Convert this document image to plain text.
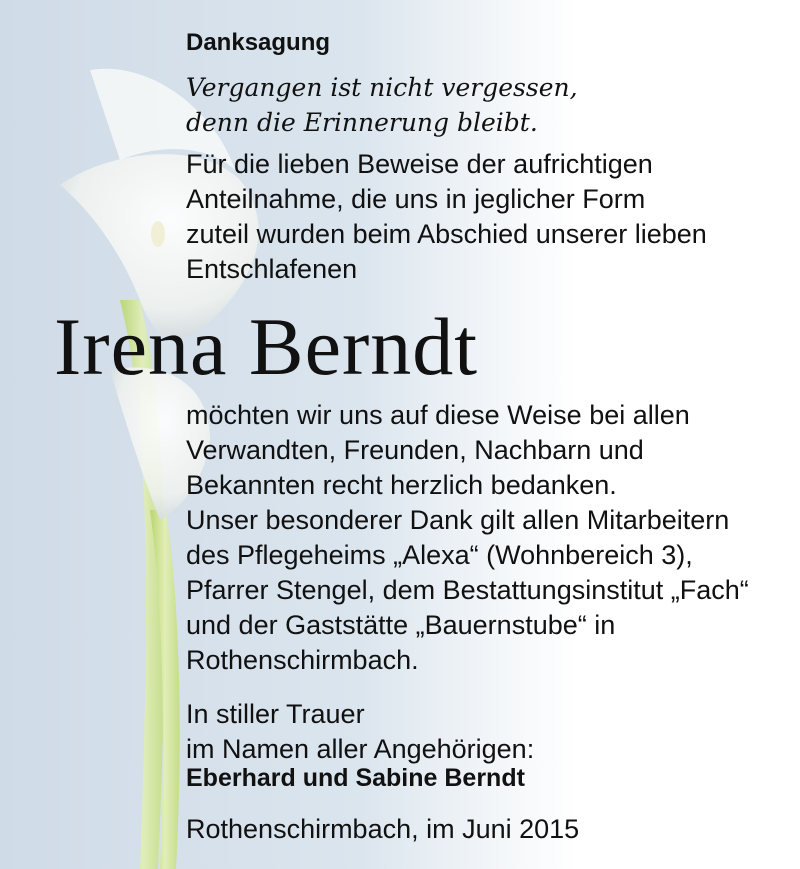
Danksagung
Vergangen ist nicht vergessen,
denn die Erinnerung bleibt.
Für die lieben Beweise der aufrichtigen
Anteilnahme, die uns in jeglicher Form
zuteil wurden beim Abschied unserer lieben
Entschlafenen
Irena Berndt
möchten wir uns auf diese Weise bei allen
Verwandten, Freunden, Nachbarn und
Bekannten recht herzlich bedanken.
Unser besonderer Dank gilt allen Mitarbeitern
des Pflegeheims „Alexa“ (Wohnbereich 3),
Pfarrer Stengel, dem Bestattungsinstitut „Fach“
und der Gaststätte „Bauernstube“ in
Rothenschirmbach.
In stiller Trauer
im Namen aller Angehörigen:
Eberhard und Sabine Berndt
Rothenschirmbach, im Juni 2015
